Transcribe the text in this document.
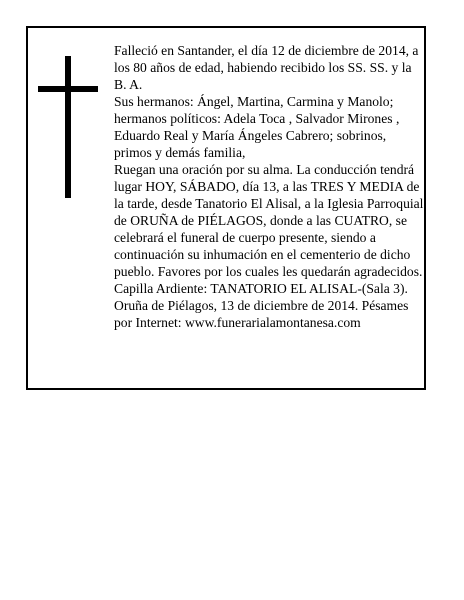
Falleció en Santander, el día 12 de diciembre de 2014, a los 80 años de edad, habiendo recibido los SS. SS. y la B. A.

Sus hermanos: Ángel, Martina, Carmina y Manolo; hermanos políticos: Adela Toca , Salvador Mirones , Eduardo Real y María Ángeles Cabrero; sobrinos, primos y demás familia,

Ruegan una oración por su alma. La conducción tendrá lugar HOY, SÁBADO, día 13, a las TRES Y MEDIA de la tarde, desde Tanatorio El Alisal, a la Iglesia Parroquial de ORUÑA de PIÉLAGOS, donde a las CUATRO, se celebrará el funeral de cuerpo presente, siendo a continuación su inhumación en el cementerio de dicho pueblo. Favores por los cuales les quedarán agradecidos. Capilla Ardiente: TANATORIO EL ALISAL-(Sala 3).

Oruña de Piélagos, 13 de diciembre de 2014. Pésames por Internet: www.funerarialamontanesa.com
